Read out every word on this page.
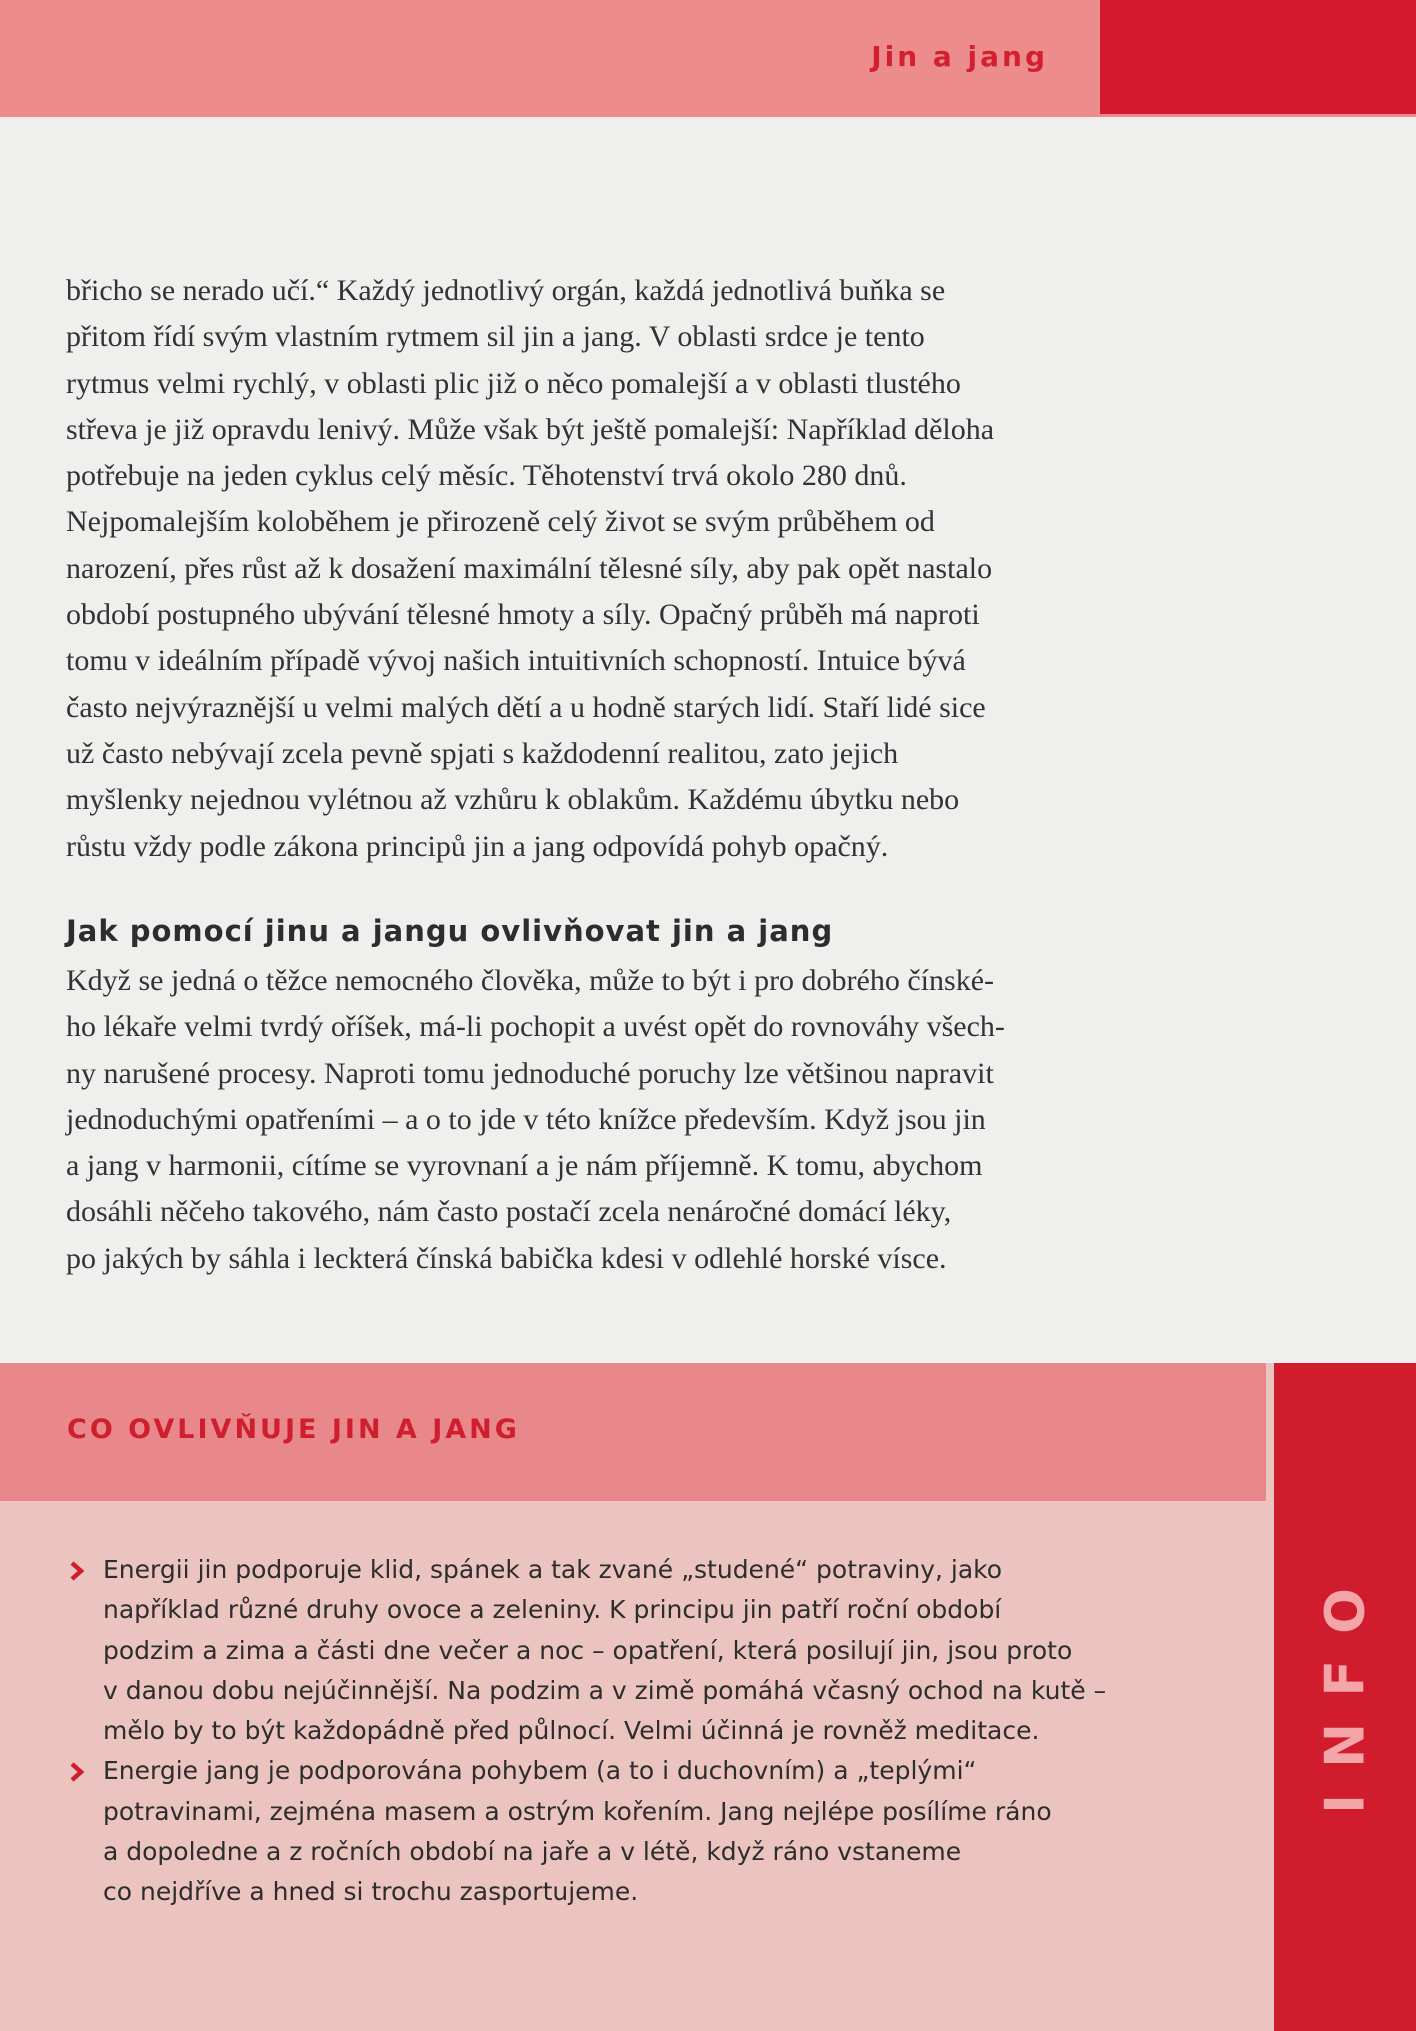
Jin a jang

břicho se nerado učí.“ Každý jednotlivý orgán, každá jednotlivá buňka se
přitom řídí svým vlastním rytmem sil jin a jang. V oblasti srdce je tento
rytmus velmi rychlý, v oblasti plic již o něco pomalejší a v oblasti tlustého
střeva je již opravdu lenivý. Může však být ještě pomalejší: Například děloha
potřebuje na jeden cyklus celý měsíc. Těhotenství trvá okolo 280 dnů.
Nejpomalejším koloběhem je přirozeně celý život se svým průběhem od
narození, přes růst až k dosažení maximální tělesné síly, aby pak opět nastalo
období postupného ubývání tělesné hmoty a síly. Opačný průběh má naproti
tomu v ideálním případě vývoj našich intuitivních schopností. Intuice bývá
často nejvýraznější u velmi malých dětí a u hodně starých lidí. Staří lidé sice
už často nebývají zcela pevně spjati s každodenní realitou, zato jejich
myšlenky nejednou vylétnou až vzhůru k oblakům. Každému úbytku nebo
růstu vždy podle zákona principů jin a jang odpovídá pohyb opačný.

Jak pomocí jinu a jangu ovlivňovat jin a jang

Když se jedná o těžce nemocného člověka, může to být i pro dobrého čínské-
ho lékaře velmi tvrdý oříšek, má-li pochopit a uvést opět do rovnováhy všech-
ny narušené procesy. Naproti tomu jednoduché poruchy lze většinou napravit
jednoduchými opatřeními – a o to jde v této knížce především. Když jsou jin
a jang v harmonii, cítíme se vyrovnaní a je nám příjemně. K tomu, abychom
dosáhli něčeho takového, nám často postačí zcela nenáročné domácí léky,
po jakých by sáhla i leckterá čínská babička kdesi v odlehlé horské vísce.

INFO
CO OVLIVŇUJE JIN A JANG
Energii jin podporuje klid, spánek a tak zvané „studené“ potraviny, jako
například různé druhy ovoce a zeleniny. K principu jin patří roční období
podzim a zima a části dne večer a noc – opatření, která posilují jin, jsou proto
v danou dobu nejúčinnější. Na podzim a v zimě pomáhá včasný ochod na kutě –
mělo by to být každopádně před půlnocí. Velmi účinná je rovněž meditace.
Energie jang je podporována pohybem (a to i duchovním) a „teplými“
potravinami, zejména masem a ostrým kořením. Jang nejlépe posílíme ráno
a dopoledne a z ročních období na jaře a v létě, když ráno vstaneme
co nejdříve a hned si trochu zasportujeme.
